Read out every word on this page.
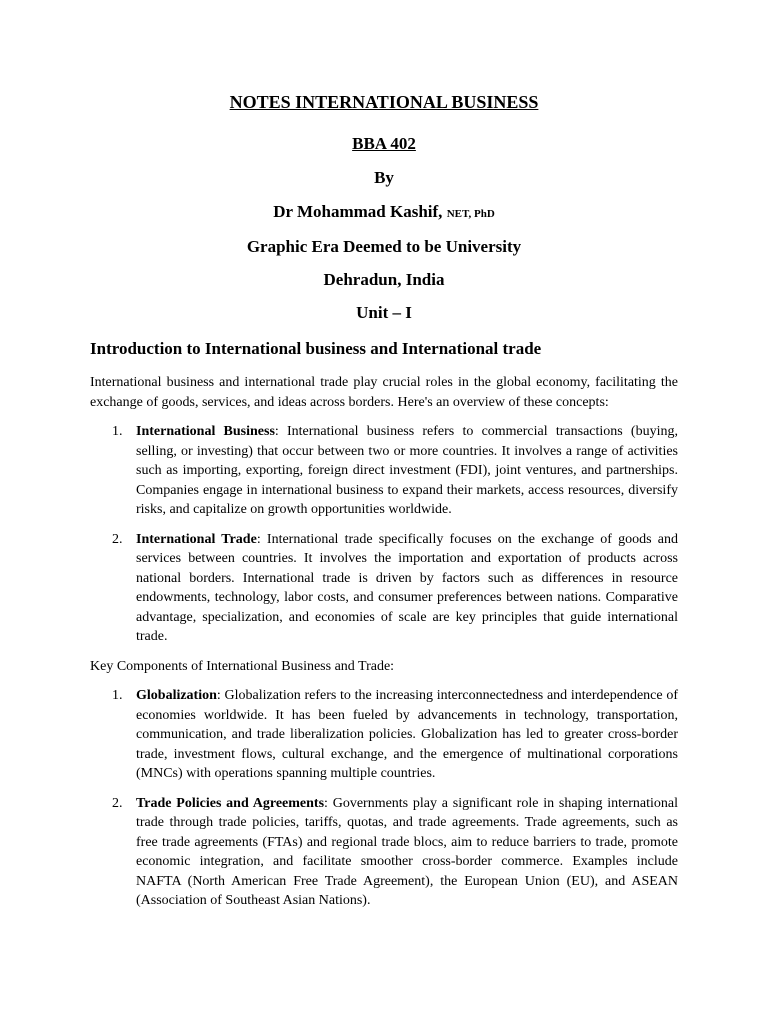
NOTES INTERNATIONAL BUSINESS

BBA 402

By

Dr Mohammad Kashif, NET, PhD

Graphic Era Deemed to be University

Dehradun, India

Unit – I

Introduction to International business and International trade

International business and international trade play crucial roles in the global economy, facilitating the exchange of goods, services, and ideas across borders. Here's an overview of these concepts:

1. International Business: International business refers to commercial transactions (buying, selling, or investing) that occur between two or more countries. It involves a range of activities such as importing, exporting, foreign direct investment (FDI), joint ventures, and partnerships. Companies engage in international business to expand their markets, access resources, diversify risks, and capitalize on growth opportunities worldwide.
2. International Trade: International trade specifically focuses on the exchange of goods and services between countries. It involves the importation and exportation of products across national borders. International trade is driven by factors such as differences in resource endowments, technology, labor costs, and consumer preferences between nations. Comparative advantage, specialization, and economies of scale are key principles that guide international trade.

Key Components of International Business and Trade:

1. Globalization: Globalization refers to the increasing interconnectedness and interdependence of economies worldwide. It has been fueled by advancements in technology, transportation, communication, and trade liberalization policies. Globalization has led to greater cross-border trade, investment flows, cultural exchange, and the emergence of multinational corporations (MNCs) with operations spanning multiple countries.
2. Trade Policies and Agreements: Governments play a significant role in shaping international trade through trade policies, tariffs, quotas, and trade agreements. Trade agreements, such as free trade agreements (FTAs) and regional trade blocs, aim to reduce barriers to trade, promote economic integration, and facilitate smoother cross-border commerce. Examples include NAFTA (North American Free Trade Agreement), the European Union (EU), and ASEAN (Association of Southeast Asian Nations).
